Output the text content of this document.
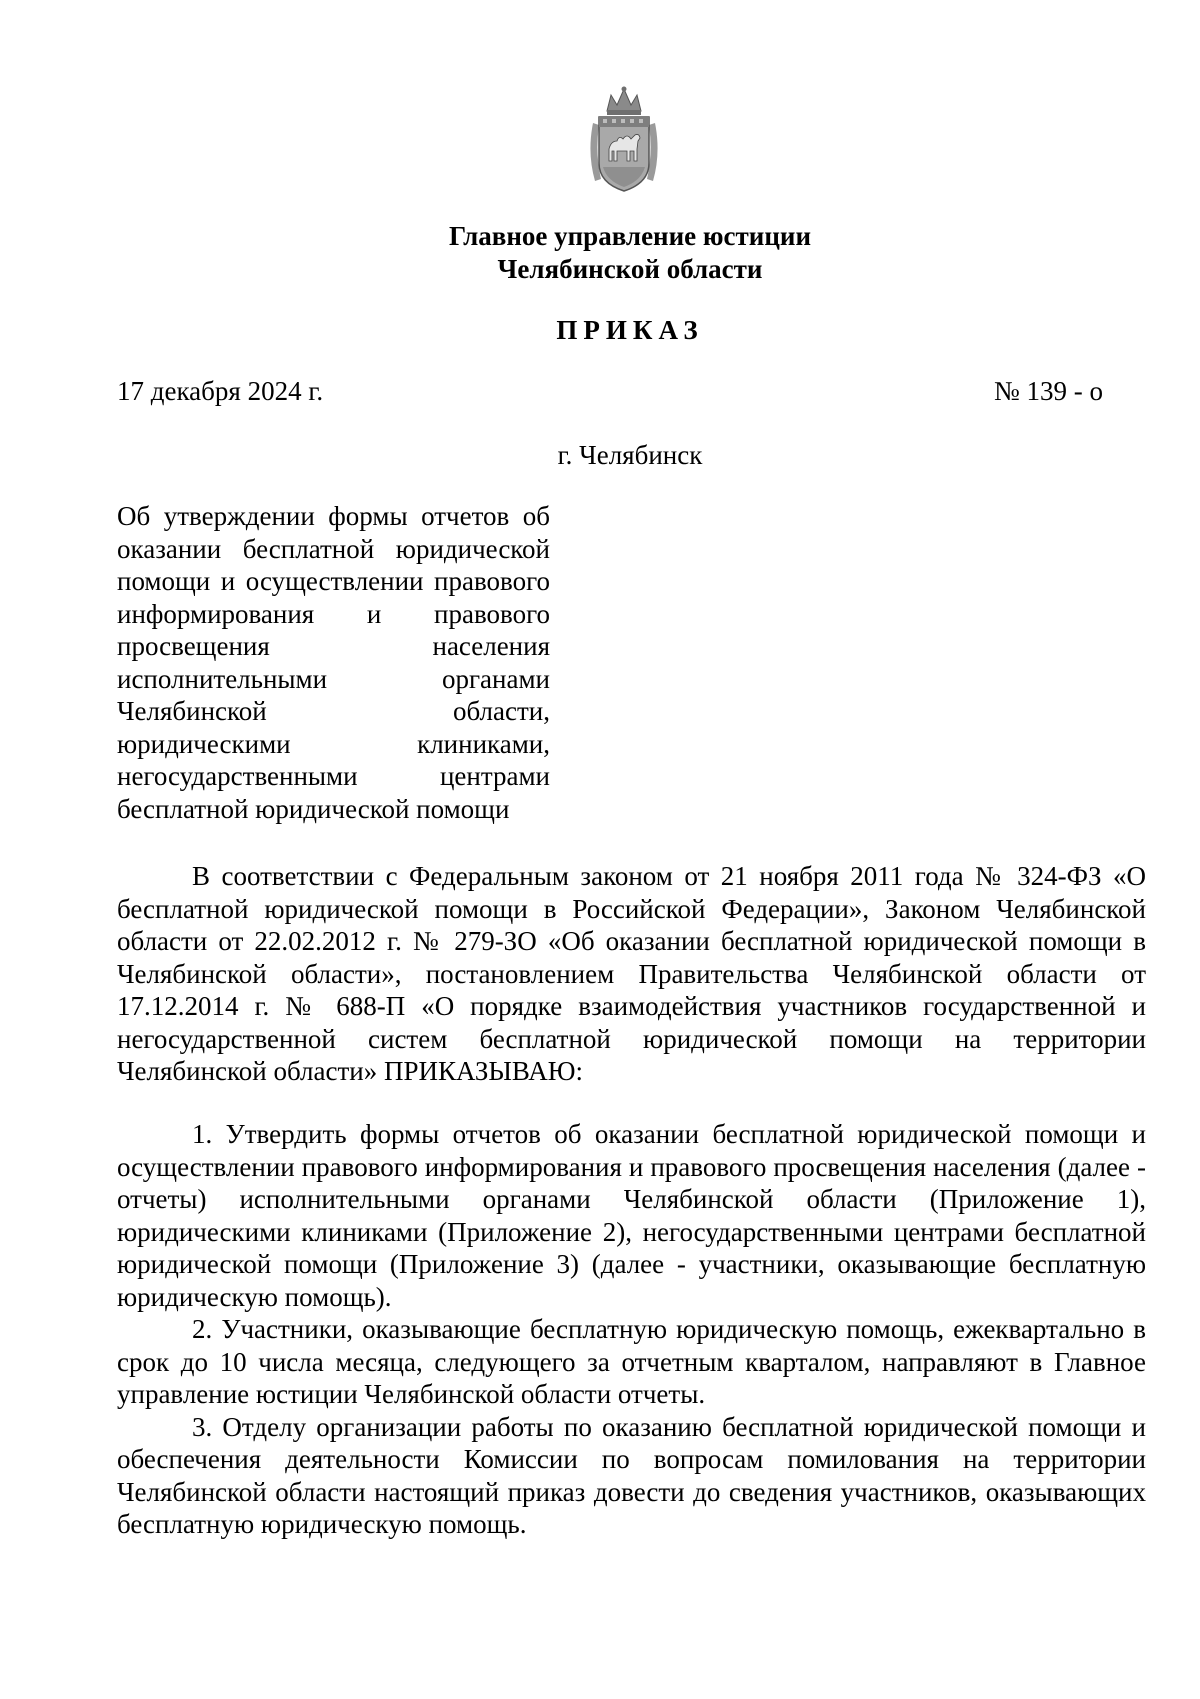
Главное управление юстиции
Челябинской области
ПРИКАЗ
17 декабря 2024 г.	№ 139 - о
г. Челябинск
Об утверждении формы отчетов об оказании бесплатной юридической помощи и осуществлении правового информирования и правового просвещения населения исполнительными органами Челябинской области, юридическими клиниками, негосударственными центрами бесплатной юридической помощи

В соответствии с Федеральным законом от 21 ноября 2011 года № 324-ФЗ «О бесплатной юридической помощи в Российской Федерации», Законом Челябинской области от 22.02.2012 г. № 279-ЗО «Об оказании бесплатной юридической помощи в Челябинской области», постановлением Правительства Челябинской области от 17.12.2014 г. № 688-П «О порядке взаимодействия участников государственной и негосударственной систем бесплатной юридической помощи на территории Челябинской области» ПРИКАЗЫВАЮ:

1. Утвердить формы отчетов об оказании бесплатной юридической помощи и осуществлении правового информирования и правового просвещения населения (далее - отчеты) исполнительными органами Челябинской области (Приложение 1), юридическими клиниками (Приложение 2), негосударственными центрами бесплатной юридической помощи (Приложение 3) (далее - участники, оказывающие бесплатную юридическую помощь).

2. Участники, оказывающие бесплатную юридическую помощь, ежеквартально в срок до 10 числа месяца, следующего за отчетным кварталом, направляют в Главное управление юстиции Челябинской области отчеты.

3. Отделу организации работы по оказанию бесплатной юридической помощи и обеспечения деятельности Комиссии по вопросам помилования на территории Челябинской области настоящий приказ довести до сведения участников, оказывающих бесплатную юридическую помощь.
